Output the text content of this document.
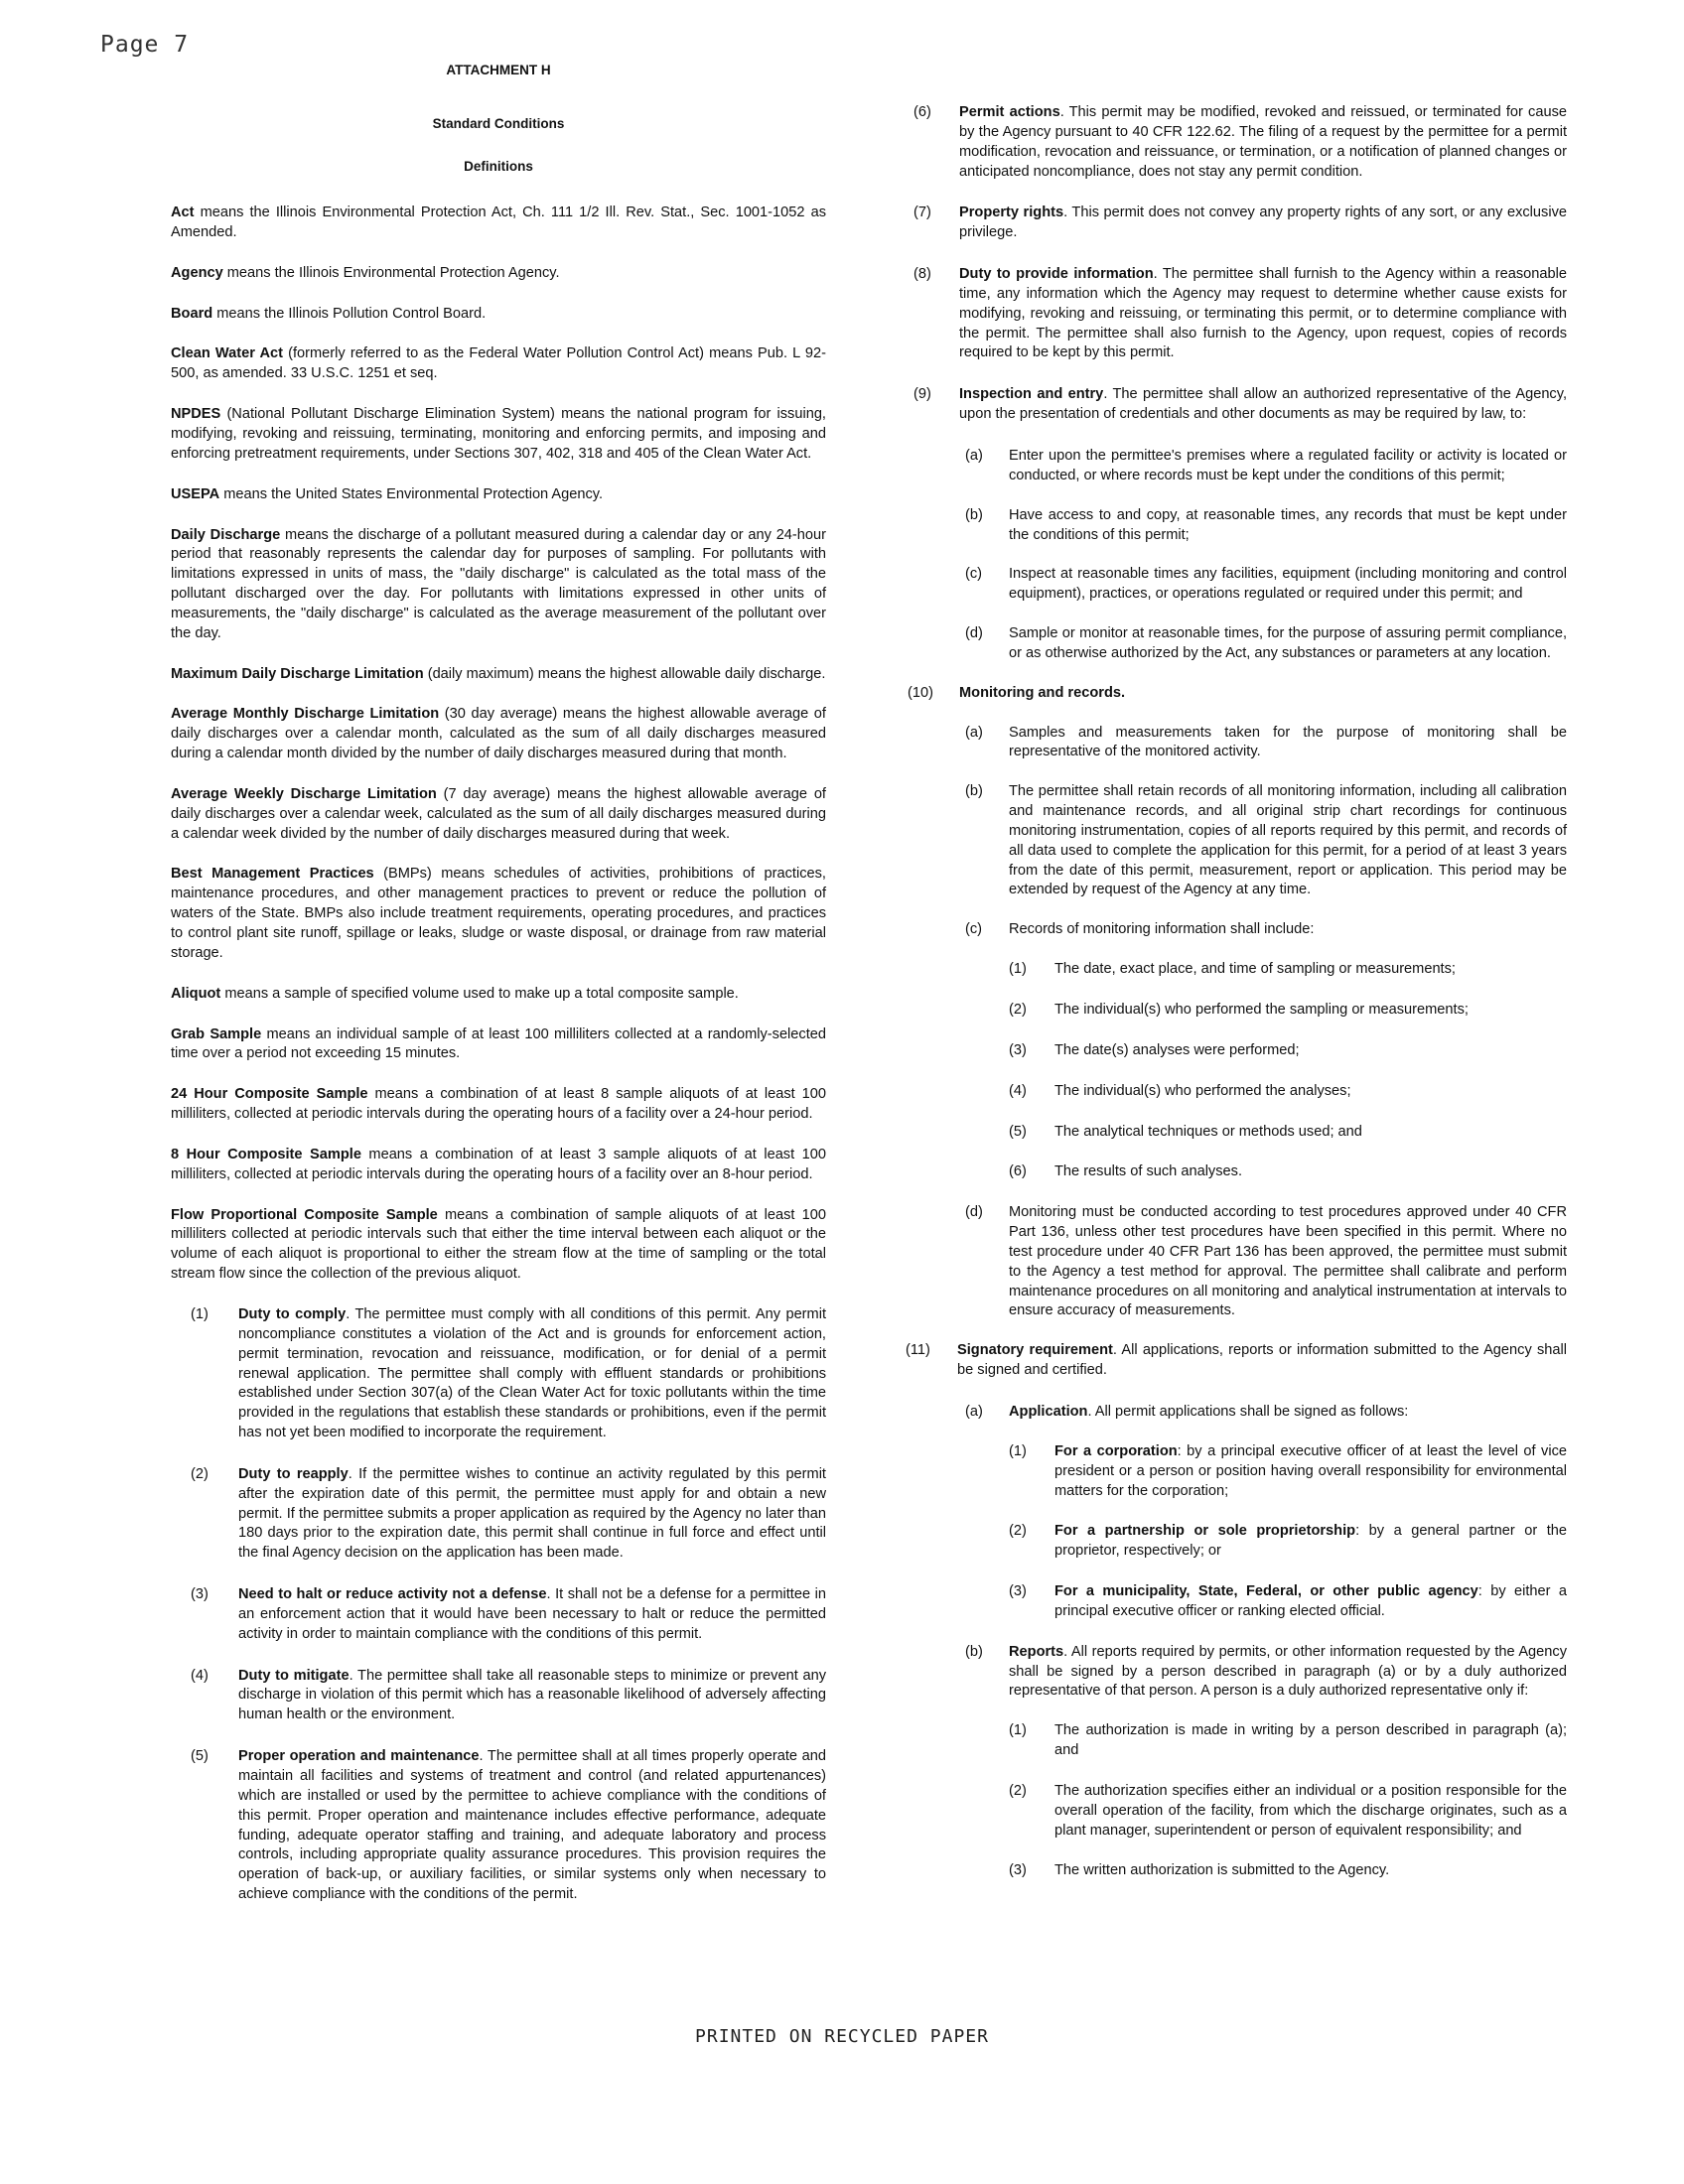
Page 7
ATTACHMENT H
Standard Conditions
Definitions

Act means the Illinois Environmental Protection Act, Ch. 111 1/2 Ill. Rev. Stat., Sec. 1001-1052 as Amended.

Agency means the Illinois Environmental Protection Agency.

Board means the Illinois Pollution Control Board.

Clean Water Act (formerly referred to as the Federal Water Pollution Control Act) means Pub. L 92-500, as amended. 33 U.S.C. 1251 et seq.

NPDES (National Pollutant Discharge Elimination System) means the national program for issuing, modifying, revoking and reissuing, terminating, monitoring and enforcing permits, and imposing and enforcing pretreatment requirements, under Sections 307, 402, 318 and 405 of the Clean Water Act.

USEPA means the United States Environmental Protection Agency.

Daily Discharge means the discharge of a pollutant measured during a calendar day or any 24-hour period that reasonably represents the calendar day for purposes of sampling. For pollutants with limitations expressed in units of mass, the "daily discharge" is calculated as the total mass of the pollutant discharged over the day. For pollutants with limitations expressed in other units of measurements, the "daily discharge" is calculated as the average measurement of the pollutant over the day.

Maximum Daily Discharge Limitation (daily maximum) means the highest allowable daily discharge.

Average Monthly Discharge Limitation (30 day average) means the highest allowable average of daily discharges over a calendar month, calculated as the sum of all daily discharges measured during a calendar month divided by the number of daily discharges measured during that month.

Average Weekly Discharge Limitation (7 day average) means the highest allowable average of daily discharges over a calendar week, calculated as the sum of all daily discharges measured during a calendar week divided by the number of daily discharges measured during that week.

Best Management Practices (BMPs) means schedules of activities, prohibitions of practices, maintenance procedures, and other management practices to prevent or reduce the pollution of waters of the State. BMPs also include treatment requirements, operating procedures, and practices to control plant site runoff, spillage or leaks, sludge or waste disposal, or drainage from raw material storage.

Aliquot means a sample of specified volume used to make up a total composite sample.

Grab Sample means an individual sample of at least 100 milliliters collected at a randomly-selected time over a period not exceeding 15 minutes.

24 Hour Composite Sample means a combination of at least 8 sample aliquots of at least 100 milliliters, collected at periodic intervals during the operating hours of a facility over a 24-hour period.

8 Hour Composite Sample means a combination of at least 3 sample aliquots of at least 100 milliliters, collected at periodic intervals during the operating hours of a facility over an 8-hour period.

Flow Proportional Composite Sample means a combination of sample aliquots of at least 100 milliliters collected at periodic intervals such that either the time interval between each aliquot or the volume of each aliquot is proportional to either the stream flow at the time of sampling or the total stream flow since the collection of the previous aliquot.

(1)	Duty to comply. The permittee must comply with all conditions of this permit. Any permit noncompliance constitutes a violation of the Act and is grounds for enforcement action, permit termination, revocation and reissuance, modification, or for denial of a permit renewal application. The permittee shall comply with effluent standards or prohibitions established under Section 307(a) of the Clean Water Act for toxic pollutants within the time provided in the regulations that establish these standards or prohibitions, even if the permit has not yet been modified to incorporate the requirement.
(2)	Duty to reapply. If the permittee wishes to continue an activity regulated by this permit after the expiration date of this permit, the permittee must apply for and obtain a new permit. If the permittee submits a proper application as required by the Agency no later than 180 days prior to the expiration date, this permit shall continue in full force and effect until the final Agency decision on the application has been made.
(3)	Need to halt or reduce activity not a defense. It shall not be a defense for a permittee in an enforcement action that it would have been necessary to halt or reduce the permitted activity in order to maintain compliance with the conditions of this permit.
(4)	Duty to mitigate. The permittee shall take all reasonable steps to minimize or prevent any discharge in violation of this permit which has a reasonable likelihood of adversely affecting human health or the environment.
(5)	Proper operation and maintenance. The permittee shall at all times properly operate and maintain all facilities and systems of treatment and control (and related appurtenances) which are installed or used by the permittee to achieve compliance with the conditions of this permit. Proper operation and maintenance includes effective performance, adequate funding, adequate operator staffing and training, and adequate laboratory and process controls, including appropriate quality assurance procedures. This provision requires the operation of back-up, or auxiliary facilities, or similar systems only when necessary to achieve compliance with the conditions of the permit.
(6)	Permit actions. This permit may be modified, revoked and reissued, or terminated for cause by the Agency pursuant to 40 CFR 122.62. The filing of a request by the permittee for a permit modification, revocation and reissuance, or termination, or a notification of planned changes or anticipated noncompliance, does not stay any permit condition.
(7)	Property rights. This permit does not convey any property rights of any sort, or any exclusive privilege.
(8)	Duty to provide information. The permittee shall furnish to the Agency within a reasonable time, any information which the Agency may request to determine whether cause exists for modifying, revoking and reissuing, or terminating this permit, or to determine compliance with the permit. The permittee shall also furnish to the Agency, upon request, copies of records required to be kept by this permit.
(9)	Inspection and entry. The permittee shall allow an authorized representative of the Agency, upon the presentation of credentials and other documents as may be required by law, to:
(a)	Enter upon the permittee's premises where a regulated facility or activity is located or conducted, or where records must be kept under the conditions of this permit;
(b)	Have access to and copy, at reasonable times, any records that must be kept under the conditions of this permit;
(c)	Inspect at reasonable times any facilities, equipment (including monitoring and control equipment), practices, or operations regulated or required under this permit; and
(d)	Sample or monitor at reasonable times, for the purpose of assuring permit compliance, or as otherwise authorized by the Act, any substances or parameters at any location.
(10)	Monitoring and records.
(a)	Samples and measurements taken for the purpose of monitoring shall be representative of the monitored activity.
(b)	The permittee shall retain records of all monitoring information, including all calibration and maintenance records, and all original strip chart recordings for continuous monitoring instrumentation, copies of all reports required by this permit, and records of all data used to complete the application for this permit, for a period of at least 3 years from the date of this permit, measurement, report or application. This period may be extended by request of the Agency at any time.
(c)	Records of monitoring information shall include:
(1)	The date, exact place, and time of sampling or measurements;
(2)	The individual(s) who performed the sampling or measurements;
(3)	The date(s) analyses were performed;
(4)	The individual(s) who performed the analyses;
(5)	The analytical techniques or methods used; and
(6)	The results of such analyses.
(d)	Monitoring must be conducted according to test procedures approved under 40 CFR Part 136, unless other test procedures have been specified in this permit. Where no test procedure under 40 CFR Part 136 has been approved, the permittee must submit to the Agency a test method for approval. The permittee shall calibrate and perform maintenance procedures on all monitoring and analytical instrumentation at intervals to ensure accuracy of measurements.
(11)	Signatory requirement. All applications, reports or information submitted to the Agency shall be signed and certified.
(a)	Application. All permit applications shall be signed as follows:
(1)	For a corporation: by a principal executive officer of at least the level of vice president or a person or position having overall responsibility for environmental matters for the corporation;
(2)	For a partnership or sole proprietorship: by a general partner or the proprietor, respectively; or
(3)	For a municipality, State, Federal, or other public agency: by either a principal executive officer or ranking elected official.
(b)	Reports. All reports required by permits, or other information requested by the Agency shall be signed by a person described in paragraph (a) or by a duly authorized representative of that person. A person is a duly authorized representative only if:
(1)	The authorization is made in writing by a person described in paragraph (a); and
(2)	The authorization specifies either an individual or a position responsible for the overall operation of the facility, from which the discharge originates, such as a plant manager, superintendent or person of equivalent responsibility; and
(3)	The written authorization is submitted to the Agency.
PRINTED ON RECYCLED PAPER
